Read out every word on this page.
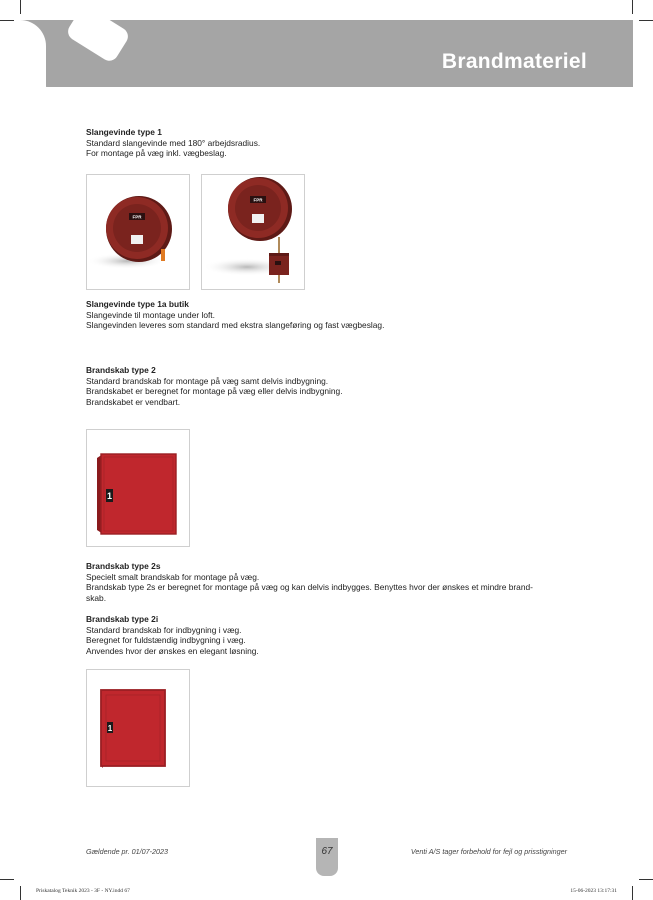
Brandmateriel

Slangevinde type 1

Standard slangevinde med 180° arbejdsradius.

For montage på væg inkl. vægbeslag.

FPR
FPR

Slangevinde type 1a butik

Slangevinde til montage under loft.

Slangevinden leveres som standard med ekstra slangeføring og fast vægbeslag.

Brandskab type 2

Standard brandskab for montage på væg samt delvis indbygning.

Brandskabet er beregnet for montage på væg eller delvis indbygning.

Brandskabet er vendbart.

1

Brandskab type 2s

Specielt smalt brandskab for montage på væg.

Brandskab type 2s er beregnet for montage på væg og kan delvis indbygges. Benyttes hvor der ønskes et mindre brand-

skab.

Brandskab type 2i

Standard brandskab for indbygning i væg.

Beregnet for fuldstændig indbygning i væg.

Anvendes hvor der ønskes en elegant løsning.

1
Gældende pr. 01/07-2023	67	Venti A/S tager forbehold for fejl og prisstigninger
Priskatalog Teknik 2023 - 3F - NY.indd 67	15-06-2023 13:17:31
